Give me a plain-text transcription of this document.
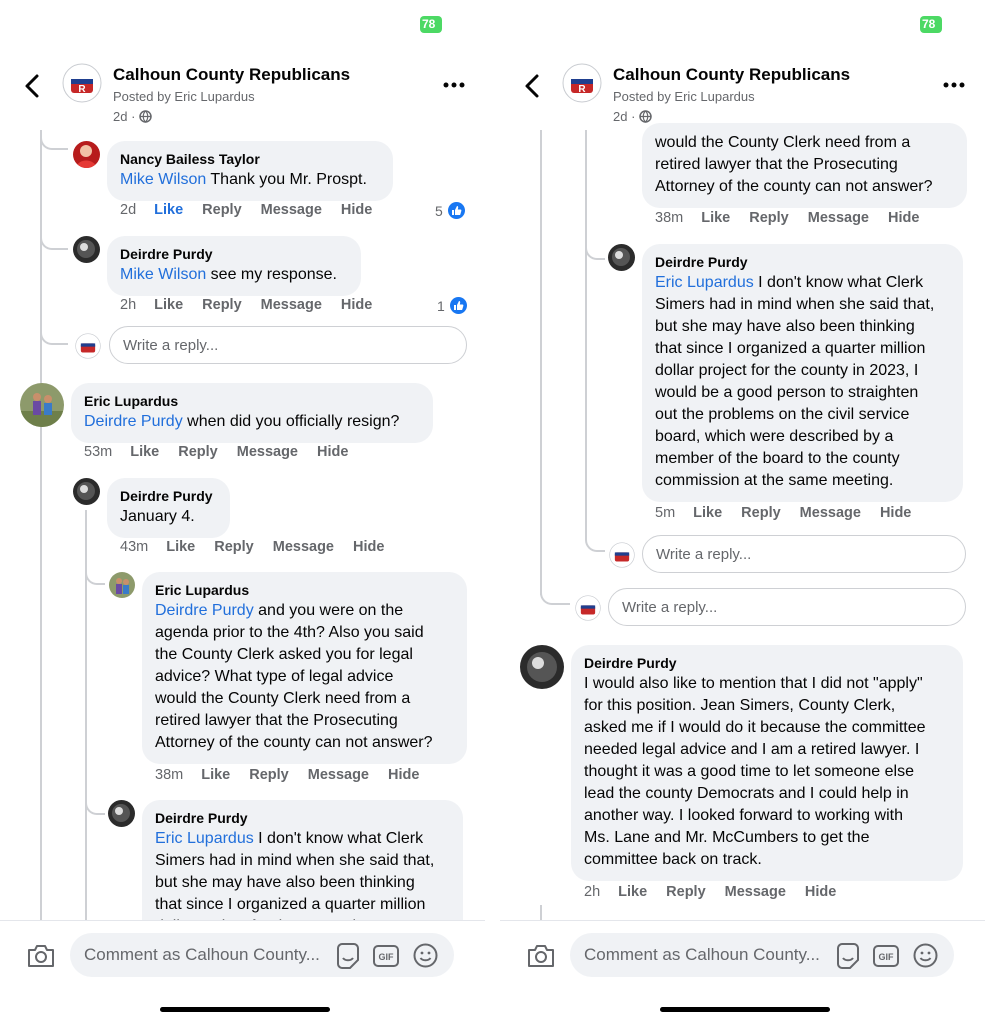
78
R
Calhoun County Republicans
Posted by Eric Lupardus
2d ·
Nancy Bailess Taylor
Mike Wilson Thank you Mr. Prospt.
2d Like Reply Message Hide	5
Deirdre Purdy
Mike Wilson see my response.
2h Like Reply Message Hide	1
Write a reply...
Eric Lupardus
Deirdre Purdy when did you officially resign?
53m Like Reply Message Hide
Deirdre Purdy
January 4.
43m Like Reply Message Hide
Eric Lupardus
Deirdre Purdy and you were on the
agenda prior to the 4th? Also you said
the County Clerk asked you for legal
advice? What type of legal advice
would the County Clerk need from a
retired lawyer that the Prosecuting
Attorney of the county can not answer?
38m Like Reply Message Hide
Deirdre Purdy
Eric Lupardus I don't know what Clerk
Simers had in mind when she said that,
but she may have also been thinking
that since I organized a quarter million

Comment as Calhoun County...	GIF
78
R
Calhoun County Republicans
Posted by Eric Lupardus
2d ·
would the County Clerk need from a
retired lawyer that the Prosecuting
Attorney of the county can not answer?
38m Like Reply Message Hide
Deirdre Purdy
Eric Lupardus I don't know what Clerk
Simers had in mind when she said that,
but she may have also been thinking
that since I organized a quarter million
dollar project for the county in 2023, I
would be a good person to straighten
out the problems on the civil service
board, which were described by a
member of the board to the county
commission at the same meeting.
5m Like Reply Message Hide
Write a reply...
Write a reply...
Deirdre Purdy
I would also like to mention that I did not "apply"
for this position. Jean Simers, County Clerk,
asked me if I would do it because the committee
needed legal advice and I am a retired lawyer. I
thought it was a good time to let someone else
lead the county Democrats and I could help in
another way. I looked forward to working with
Ms. Lane and Mr. McCumbers to get the
committee back on track.
2h Like Reply Message Hide
Comment as Calhoun County...	GIF
